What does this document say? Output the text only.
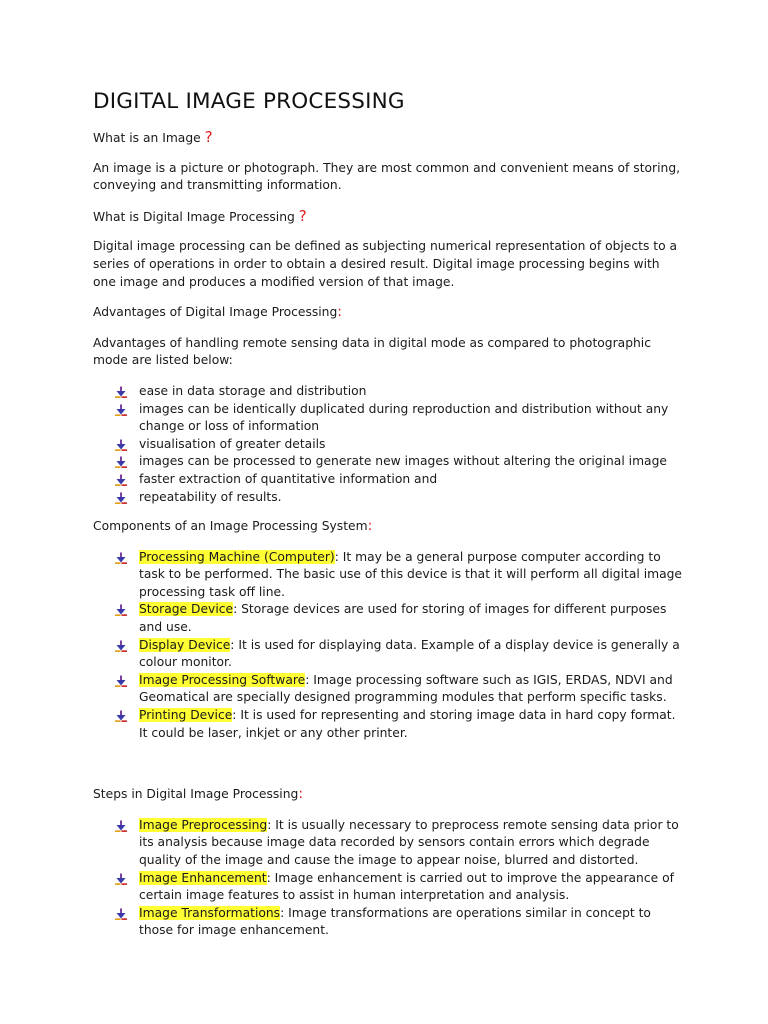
DIGITAL IMAGE PROCESSING

What is an Image ?

An image is a picture or photograph. They are most common and convenient means of storing, conveying and transmitting information.

What is Digital Image Processing ?

Digital image processing can be defined as subjecting numerical representation of objects to a series of operations in order to obtain a desired result. Digital image processing begins with one image and produces a modified version of that image.

Advantages of Digital Image Processing:

Advantages of handling remote sensing data in digital mode as compared to photographic mode are listed below:

ease in data storage and distribution
images can be identically duplicated during reproduction and distribution without any change or loss of information
visualisation of greater details
images can be processed to generate new images without altering the original image
faster extraction of quantitative information and
repeatability of results.

Components of an Image Processing System:

Processing Machine (Computer): It may be a general purpose computer according to task to be performed. The basic use of this device is that it will perform all digital image processing task off line.
Storage Device: Storage devices are used for storing of images for different purposes and use.
Display Device: It is used for displaying data. Example of a display device is generally a colour monitor.
Image Processing Software: Image processing software such as IGIS, ERDAS, NDVI and Geomatical are specially designed programming modules that perform specific tasks.
Printing Device: It is used for representing and storing image data in hard copy format. It could be laser, inkjet or any other printer.

Steps in Digital Image Processing:

Image Preprocessing: It is usually necessary to preprocess remote sensing data prior to its analysis because image data recorded by sensors contain errors which degrade quality of the image and cause the image to appear noise, blurred and distorted.
Image Enhancement: Image enhancement is carried out to improve the appearance of certain image features to assist in human interpretation and analysis.
Image Transformations: Image transformations are operations similar in concept to those for image enhancement.
